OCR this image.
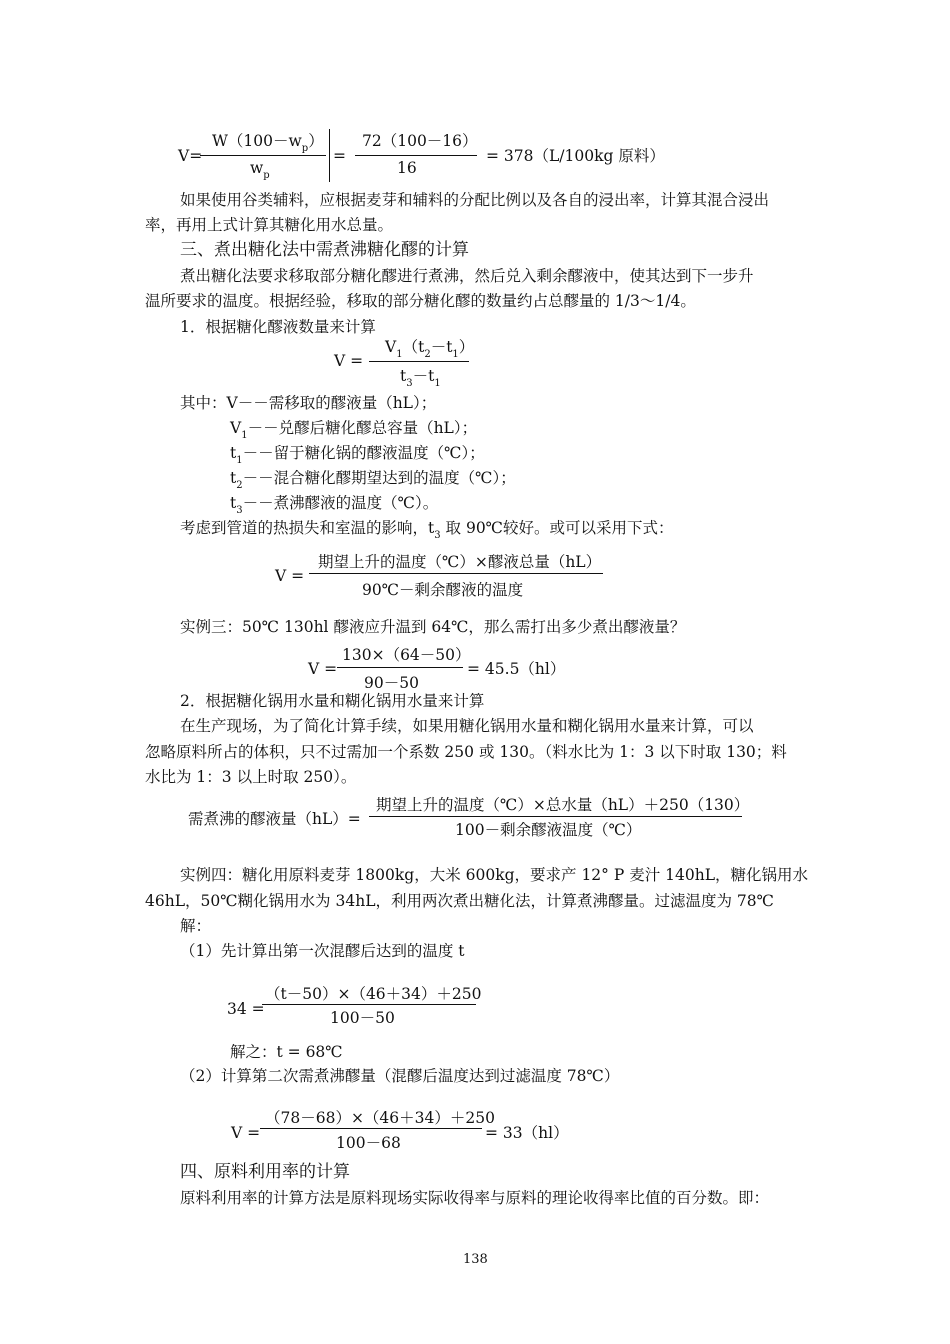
V=
$W(100-w_p)$
$w_p$
=
72（100－16）
16
= 378（L/100kg 原料）
如果使用谷类辅料，应根据麦芽和辅料的分配比例以及各自的浸出率，计算其混合浸出
率，再用上式计算其糖化用水总量。
三、煮出糖化法中需煮沸糖化醪的计算
煮出糖化法要求移取部分糖化醪进行煮沸，然后兑入剩余醪液中，使其达到下一步升
温所要求的温度。根据经验，移取的部分糖化醪的数量约占总醪量的 1/3～1/4。
1．根据糖化醪液数量来计算
V =
$V_1(t_2-t_1)$
$t_3-t_1$
其中：V－－需移取的醪液量（hL）；
$V_1--$兑醪后糖化醪总容量（hL）；
$t_1--$留于糖化锅的醪液温度（℃）；
$t_2--$混合糖化醪期望达到的温度（℃）；
$t_3--$煮沸醪液的温度（℃）。
考虑到管道的热损失和室温的影响，$t_3$ 取 90℃较好。或可以采用下式：
V =
期望上升的温度（℃）×醪液总量（hL）
90℃－剩余醪液的温度
实例三：50℃ 130hl 醪液应升温到 64℃，那么需打出多少煮出醪液量？
V =
130×（64－50）
90－50
= 45.5（hl）
2．根据糖化锅用水量和糊化锅用水量来计算
在生产现场，为了简化计算手续，如果用糖化锅用水量和糊化锅用水量来计算，可以
忽略原料所占的体积，只不过需加一个系数 250 或 130。（料水比为 1：3 以下时取 130；料
水比为 1：3 以上时取 250）。
需煮沸的醪液量（hL）=
期望上升的温度（℃）×总水量（hL）＋250（130）
100－剩余醪液温度（℃）
实例四：糖化用原料麦芽 1800kg，大米 600kg，要求产 12° P 麦汁 140hL，糖化锅用水
46hL，50℃糊化锅用水为 34hL，利用两次煮出糖化法，计算煮沸醪量。过滤温度为 78℃
解：
（1）先计算出第一次混醪后达到的温度 t
34 =
（t－50）×（46＋34）＋250
100－50
解之：t = 68℃
（2）计算第二次需煮沸醪量（混醪后温度达到过滤温度 78℃）
V =
（78－68）×（46＋34）＋250
100－68
= 33（hl）
四、原料利用率的计算
原料利用率的计算方法是原料现场实际收得率与原料的理论收得率比值的百分数。即：
138
